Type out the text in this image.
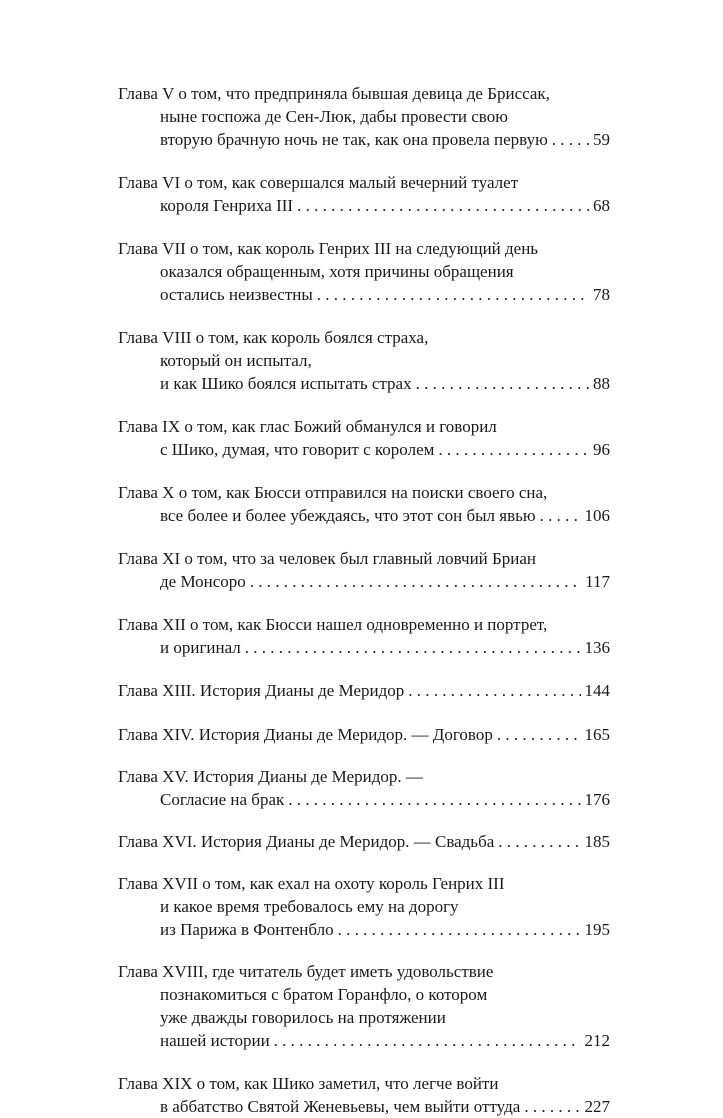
Глава V о том, что предприняла бывшая девица де Бриссак,
ныне госпожа де Сен-Люк, дабы провести свою
вторую брачную ночь не так, как она провела первую . . .	59
Глава VI о том, как совершался малый вечерний туалет
короля Генриха III . . .	68
Глава VII о том, как король Генрих III на следующий день
оказался обращенным, хотя причины обращения
остались неизвестны . . .	78
Глава VIII о том, как король боялся страха,
который он испытал,
и как Шико боялся испытать страх . . .	88
Глава IX о том, как глас Божий обманулся и говорил
с Шико, думая, что говорит с королем . . .	96
Глава X о том, как Бюсси отправился на поиски своего сна,
все более и более убеждаясь, что этот сон был явью . . .	106
Глава XI о том, что за человек был главный ловчий Бриан
де Монсоро . . .	117
Глава XII о том, как Бюсси нашел одновременно и портрет,
и оригинал . . .	136
Глава XIII. История Дианы де Меридор . . .	144
Глава XIV. История Дианы де Меридор. — Договор . . .	165
Глава XV. История Дианы де Меридор. —
Согласие на брак . . .	176
Глава XVI. История Дианы де Меридор. — Свадьба . . .	185
Глава XVII о том, как ехал на охоту король Генрих III
и какое время требовалось ему на дорогу
из Парижа в Фонтенбло . . .	195
Глава XVIII, где читатель будет иметь удовольствие
познакомиться с братом Горанфло, о котором
уже дважды говорилось на протяжении
нашей истории . . .	212
Глава XIX о том, как Шико заметил, что легче войти
в аббатство Святой Женевьевы, чем выйти оттуда . . .	227
